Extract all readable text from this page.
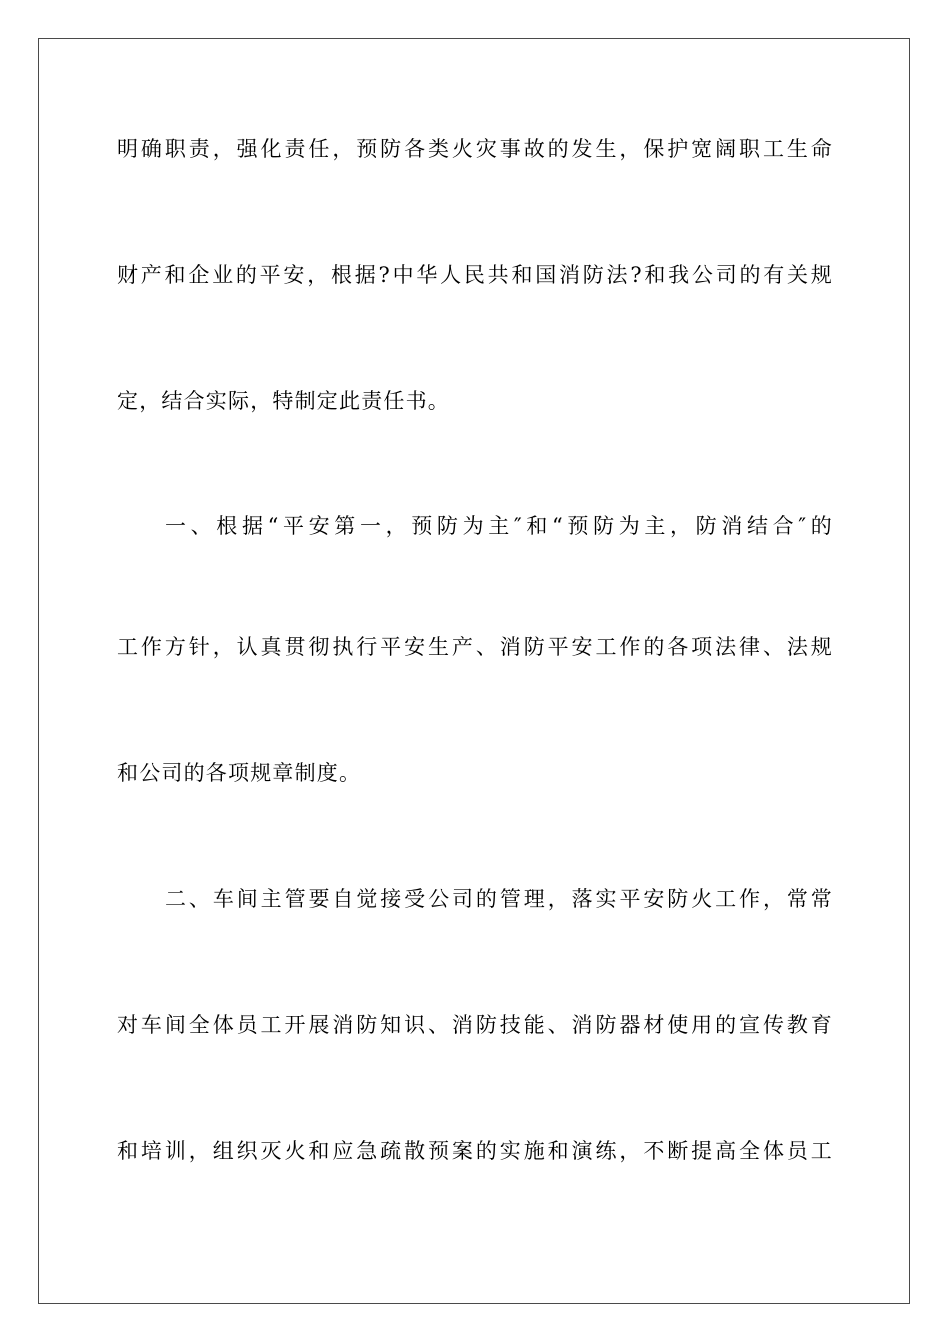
明确职责，强化责任，预防各类火灾事故的发生，保护宽阔职工生命
财产和企业的平安，根据?中华人民共和国消防法?和我公司的有关规
定，结合实际，特制定此责任书。
一、根据“平安第一，预防为主″和“预防为主，防消结合″的
工作方针，认真贯彻执行平安生产、消防平安工作的各项法律、法规
和公司的各项规章制度。
二、车间主管要自觉接受公司的管理，落实平安防火工作，常常
对车间全体员工开展消防知识、消防技能、消防器材使用的宣传教育
和培训，组织灭火和应急疏散预案的实施和演练，不断提高全体员工
